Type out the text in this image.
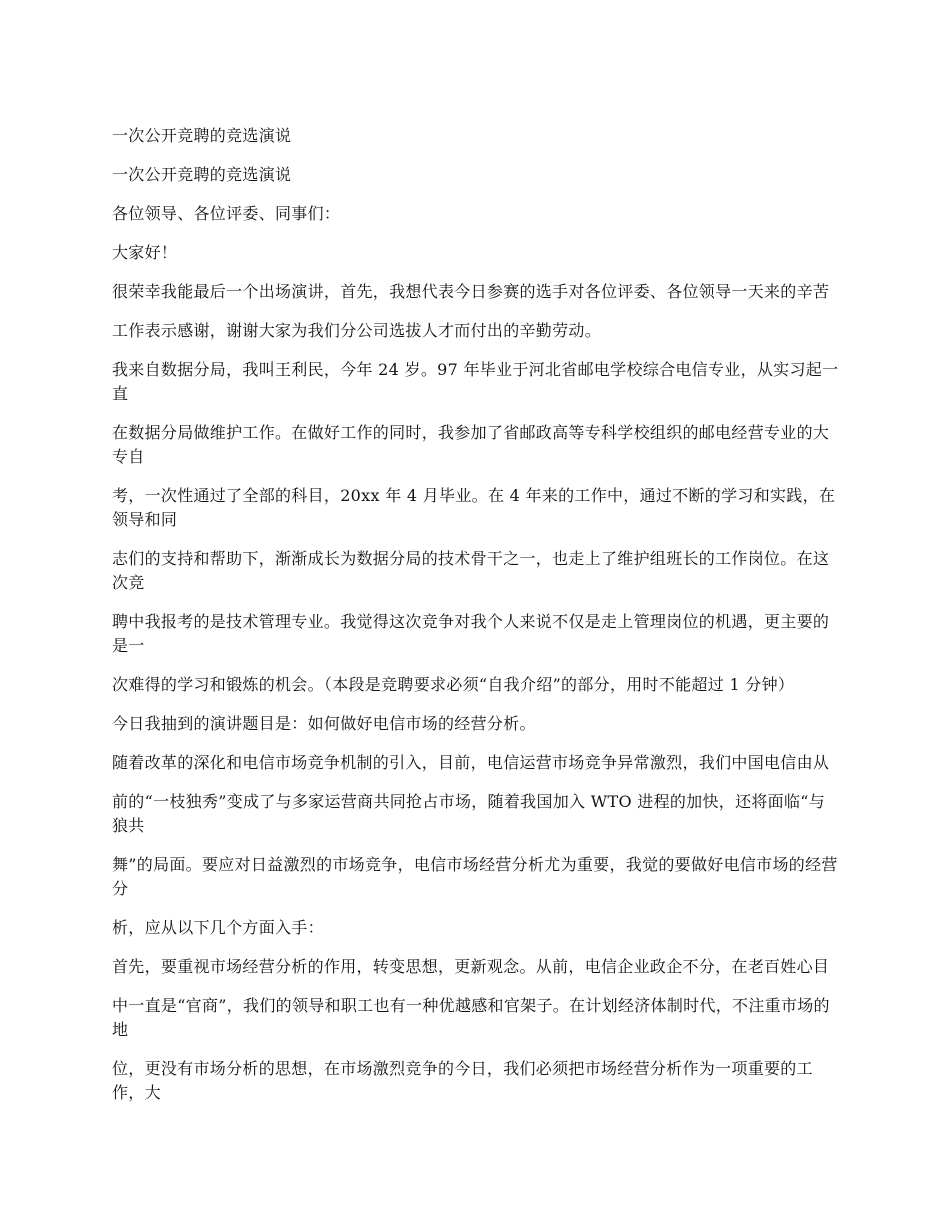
一次公开竞聘的竞选演说

一次公开竞聘的竞选演说

各位领导、各位评委、同事们：

大家好！

很荣幸我能最后一个出场演讲，首先，我想代表今日参赛的选手对各位评委、各位领导一天来的辛苦

工作表示感谢，谢谢大家为我们分公司选拔人才而付出的辛勤劳动。

我来自数据分局，我叫王利民，今年 24 岁。97 年毕业于河北省邮电学校综合电信专业，从实习起一直

在数据分局做维护工作。在做好工作的同时，我参加了省邮政高等专科学校组织的邮电经营专业的大专自

考，一次性通过了全部的科目，20xx 年 4 月毕业。在 4 年来的工作中，通过不断的学习和实践，在领导和同

志们的支持和帮助下，渐渐成长为数据分局的技术骨干之一，也走上了维护组班长的工作岗位。在这次竞

聘中我报考的是技术管理专业。我觉得这次竞争对我个人来说不仅是走上管理岗位的机遇，更主要的是一

次难得的学习和锻炼的机会。（本段是竞聘要求必须“自我介绍”的部分，用时不能超过 1 分钟）

今日我抽到的演讲题目是：如何做好电信市场的经营分析。

随着改革的深化和电信市场竞争机制的引入，目前，电信运营市场竞争异常激烈，我们中国电信由从

前的“一枝独秀”变成了与多家运营商共同抢占市场，随着我国加入 WTO 进程的加快，还将面临“与狼共

舞”的局面。要应对日益激烈的市场竞争，电信市场经营分析尤为重要，我觉的要做好电信市场的经营分

析，应从以下几个方面入手：

首先，要重视市场经营分析的作用，转变思想，更新观念。从前，电信企业政企不分，在老百姓心目

中一直是“官商”，我们的领导和职工也有一种优越感和官架子。在计划经济体制时代，不注重市场的地

位，更没有市场分析的思想，在市场激烈竞争的今日，我们必须把市场经营分析作为一项重要的工作，大
